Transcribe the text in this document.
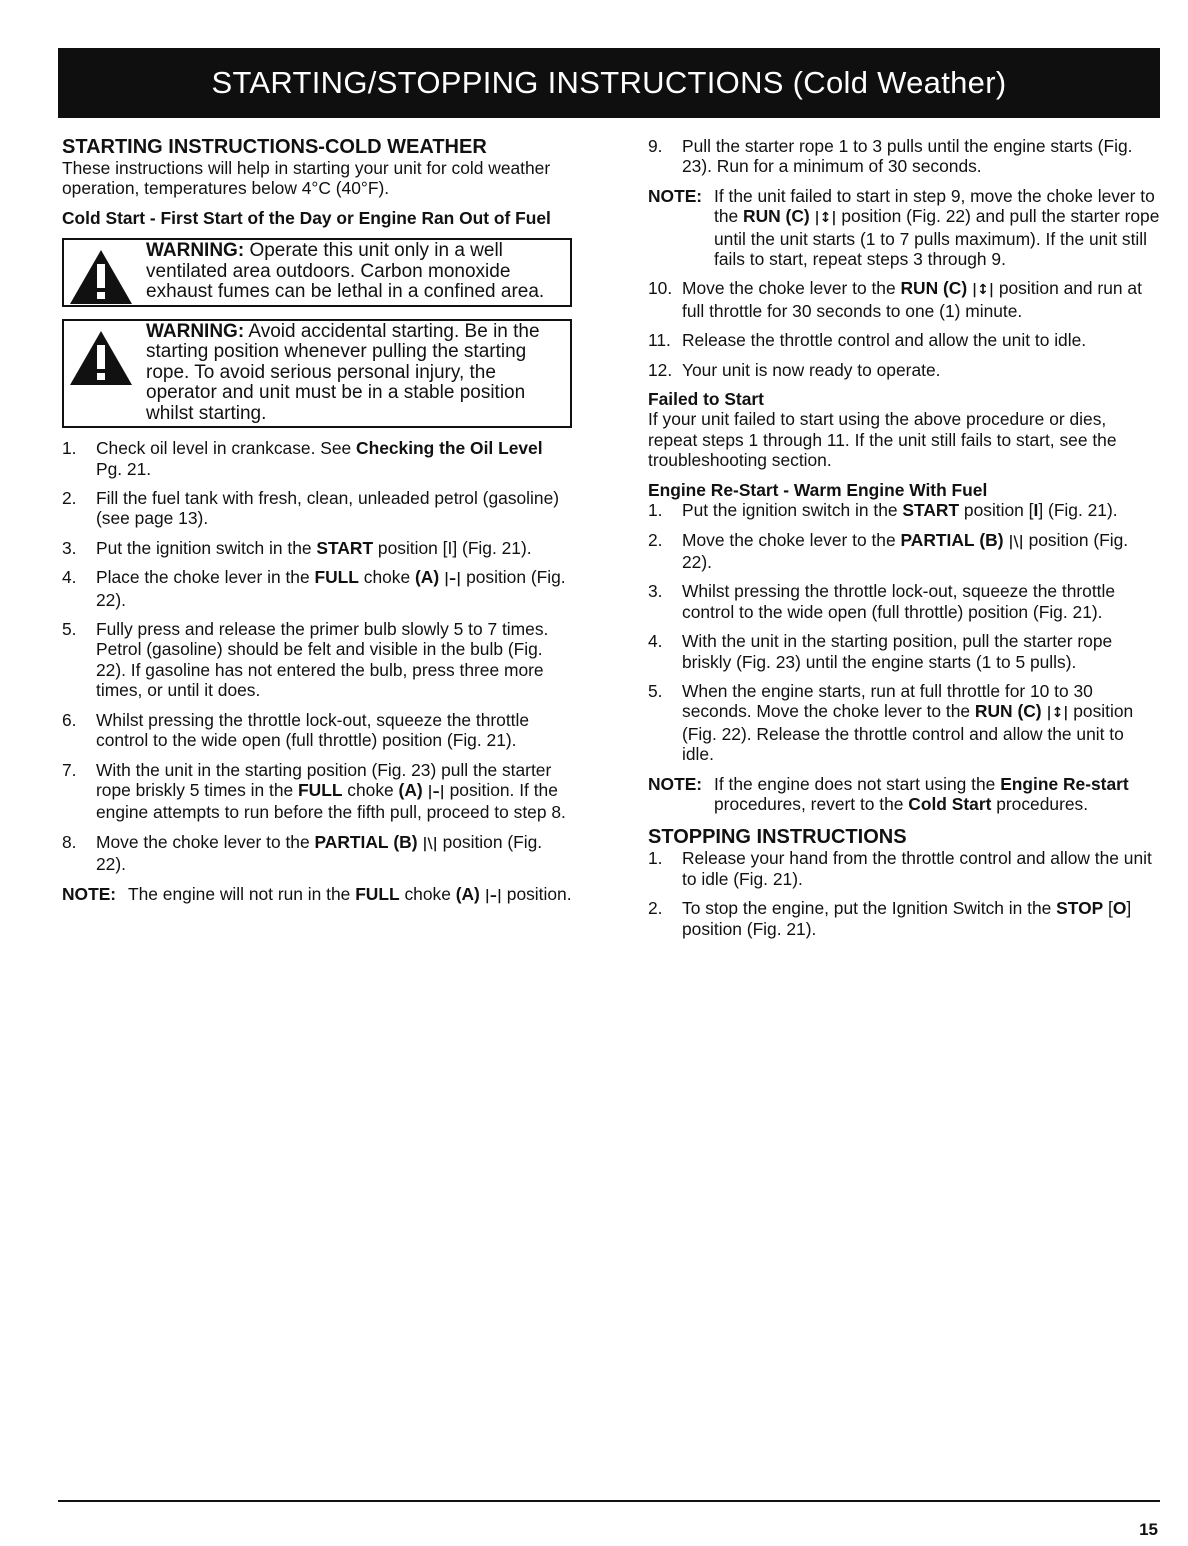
STARTING/STOPPING INSTRUCTIONS (Cold Weather)

STARTING INSTRUCTIONS-COLD WEATHER

These instructions will help in starting your unit for cold weather operation, temperatures below 4°C (40°F).

Cold Start - First Start of the Day or Engine Ran Out of Fuel

WARNING: Operate this unit only in a well ventilated area outdoors. Carbon monoxide exhaust fumes can be lethal in a confined area.
WARNING: Avoid accidental starting. Be in the starting position whenever pulling the starting rope. To avoid serious personal injury, the operator and unit must be in a stable position whilst starting.
1. Check oil level in crankcase. See Checking the Oil Level Pg. 21.
2. Fill the fuel tank with fresh, clean, unleaded petrol (gasoline) (see page 13).
3. Put the ignition switch in the START position [I] (Fig. 21).
4. Place the choke lever in the FULL choke (A) |–| position (Fig. 22).
5. Fully press and release the primer bulb slowly 5 to 7 times. Petrol (gasoline) should be felt and visible in the bulb (Fig. 22). If gasoline has not entered the bulb, press three more times, or until it does.
6. Whilst pressing the throttle lock-out, squeeze the throttle control to the wide open (full throttle) position (Fig. 21).
7. With the unit in the starting position (Fig. 23) pull the starter rope briskly 5 times in the FULL choke (A) |–| position. If the engine attempts to run before the fifth pull, proceed to step 8.
8. Move the choke lever to the PARTIAL (B) |\| position (Fig. 22).
NOTE: The engine will not run in the FULL choke (A) |–| position.
9. Pull the starter rope 1 to 3 pulls until the engine starts (Fig. 23). Run for a minimum of 30 seconds.
NOTE: If the unit failed to start in step 9, move the choke lever to the RUN (C) |↕| position (Fig. 22) and pull the starter rope until the unit starts (1 to 7 pulls maximum). If the unit still fails to start, repeat steps 3 through 9.
10. Move the choke lever to the RUN (C) |↕| position and run at full throttle for 30 seconds to one (1) minute.
11. Release the throttle control and allow the unit to idle.
12. Your unit is now ready to operate.

Failed to Start

If your unit failed to start using the above procedure or dies, repeat steps 1 through 11. If the unit still fails to start, see the troubleshooting section.

Engine Re-Start - Warm Engine With Fuel

1. Put the ignition switch in the START position [I] (Fig. 21).
2. Move the choke lever to the PARTIAL (B) |\| position (Fig. 22).
3. Whilst pressing the throttle lock-out, squeeze the throttle control to the wide open (full throttle) position (Fig. 21).
4. With the unit in the starting position, pull the starter rope briskly (Fig. 23) until the engine starts (1 to 5 pulls).
5. When the engine starts, run at full throttle for 10 to 30 seconds. Move the choke lever to the RUN (C) |↕| position (Fig. 22). Release the throttle control and allow the unit to idle.
NOTE: If the engine does not start using the Engine Re-start procedures, revert to the Cold Start procedures.

STOPPING INSTRUCTIONS

1. Release your hand from the throttle control and allow the unit to idle (Fig. 21).
2. To stop the engine, put the Ignition Switch in the STOP [O] position (Fig. 21).
15
